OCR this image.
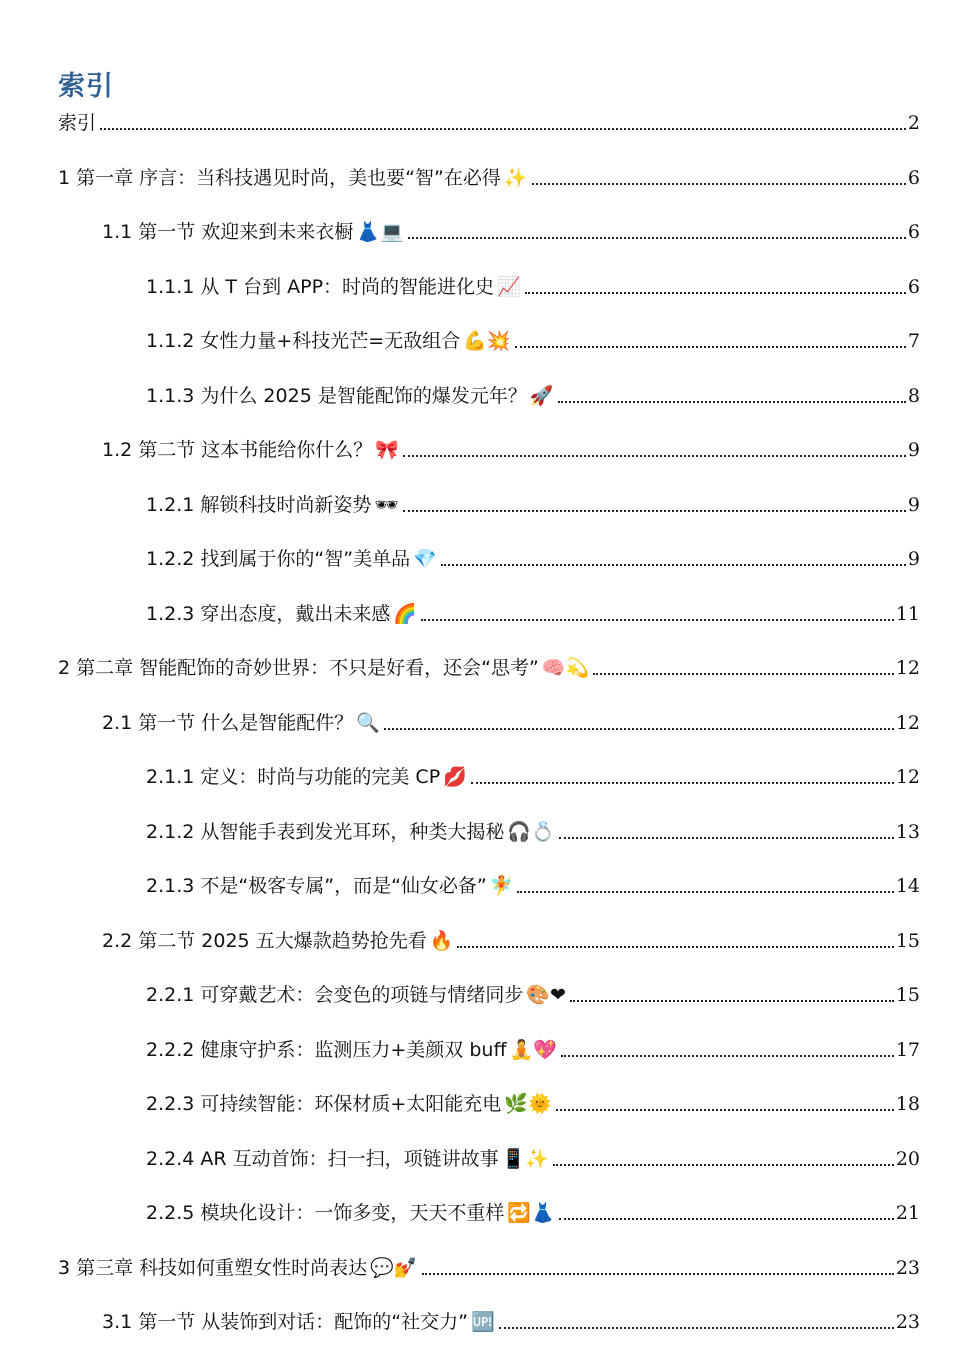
索引
索引	2
1 第一章 序言：当科技遇见时尚，美也要“智”在必得 ✨	6
1.1 第一节 欢迎来到未来衣橱 👗💻	6
1.1.1 从 T 台到 APP：时尚的智能进化史 📈	6
1.1.2 女性力量+科技光芒=无敌组合 💪💥	7
1.1.3 为什么 2025 是智能配饰的爆发元年？ 🚀	8
1.2 第二节 这本书能给你什么？ 🎀	9
1.2.1 解锁科技时尚新姿势 🕶	9
1.2.2 找到属于你的“智”美单品 💎	9
1.2.3 穿出态度，戴出未来感 🌈	11
2 第二章 智能配饰的奇妙世界：不只是好看，还会“思考” 🧠💫	12
2.1 第一节 什么是智能配件？ 🔍	12
2.1.1 定义：时尚与功能的完美 CP 💋	12
2.1.2 从智能手表到发光耳环，种类大揭秘 🎧💍	13
2.1.3 不是“极客专属”，而是“仙女必备” 🧚	14
2.2 第二节 2025 五大爆款趋势抢先看 🔥	15
2.2.1 可穿戴艺术：会变色的项链与情绪同步 🎨❤	15
2.2.2 健康守护系：监测压力+美颜双 buff 🧘💖	17
2.2.3 可持续智能：环保材质+太阳能充电 🌿🌞	18
2.2.4 AR 互动首饰：扫一扫，项链讲故事 📱✨	20
2.2.5 模块化设计：一饰多变，天天不重样 🔁👗	21
3 第三章 科技如何重塑女性时尚表达 💬💅	23
3.1 第一节 从装饰到对话：配饰的“社交力” 🆙	23
